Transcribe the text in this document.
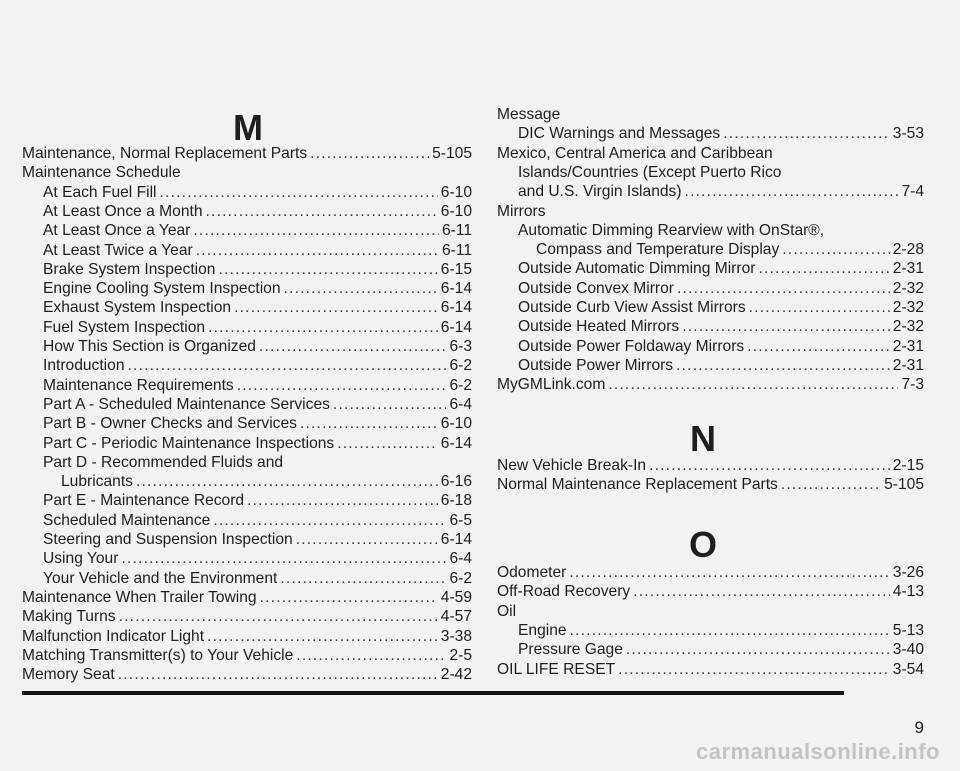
M
Maintenance, Normal Replacement Parts .....	5-105
Maintenance Schedule
At Each Fuel Fill .....	6-10
At Least Once a Month .....	6-10
At Least Once a Year .....	6-11
At Least Twice a Year .....	6-11
Brake System Inspection .....	6-15
Engine Cooling System Inspection .....	6-14
Exhaust System Inspection .....	6-14
Fuel System Inspection .....	6-14
How This Section is Organized .....	6-3
Introduction .....	6-2
Maintenance Requirements .....	6-2
Part A - Scheduled Maintenance Services .....	6-4
Part B - Owner Checks and Services .....	6-10
Part C - Periodic Maintenance Inspections .....	6-14
Part D - Recommended Fluids and
Lubricants .....	6-16
Part E - Maintenance Record .....	6-18
Scheduled Maintenance .....	6-5
Steering and Suspension Inspection .....	6-14
Using Your .....	6-4
Your Vehicle and the Environment .....	6-2
Maintenance When Trailer Towing .....	4-59
Making Turns .....	4-57
Malfunction Indicator Light .....	3-38
Matching Transmitter(s) to Your Vehicle .....	2-5
Memory Seat .....	2-42
N
O
Message
DIC Warnings and Messages .....	3-53
Mexico, Central America and Caribbean
Islands/Countries (Except Puerto Rico
and U.S. Virgin Islands) .....	7-4
Mirrors
Automatic Dimming Rearview with OnStar®,
Compass and Temperature Display .....	2-28
Outside Automatic Dimming Mirror .....	2-31
Outside Convex Mirror .....	2-32
Outside Curb View Assist Mirrors .....	2-32
Outside Heated Mirrors .....	2-32
Outside Power Foldaway Mirrors .....	2-31
Outside Power Mirrors .....	2-31
MyGMLink.com .....	7-3
New Vehicle Break-In .....	2-15
Normal Maintenance Replacement Parts .....	5-105
Odometer .....	3-26
Off-Road Recovery .....	4-13
Oil
Engine .....	5-13
Pressure Gage .....	3-40
OIL LIFE RESET .....	3-54
9
carmanualsonline.info
